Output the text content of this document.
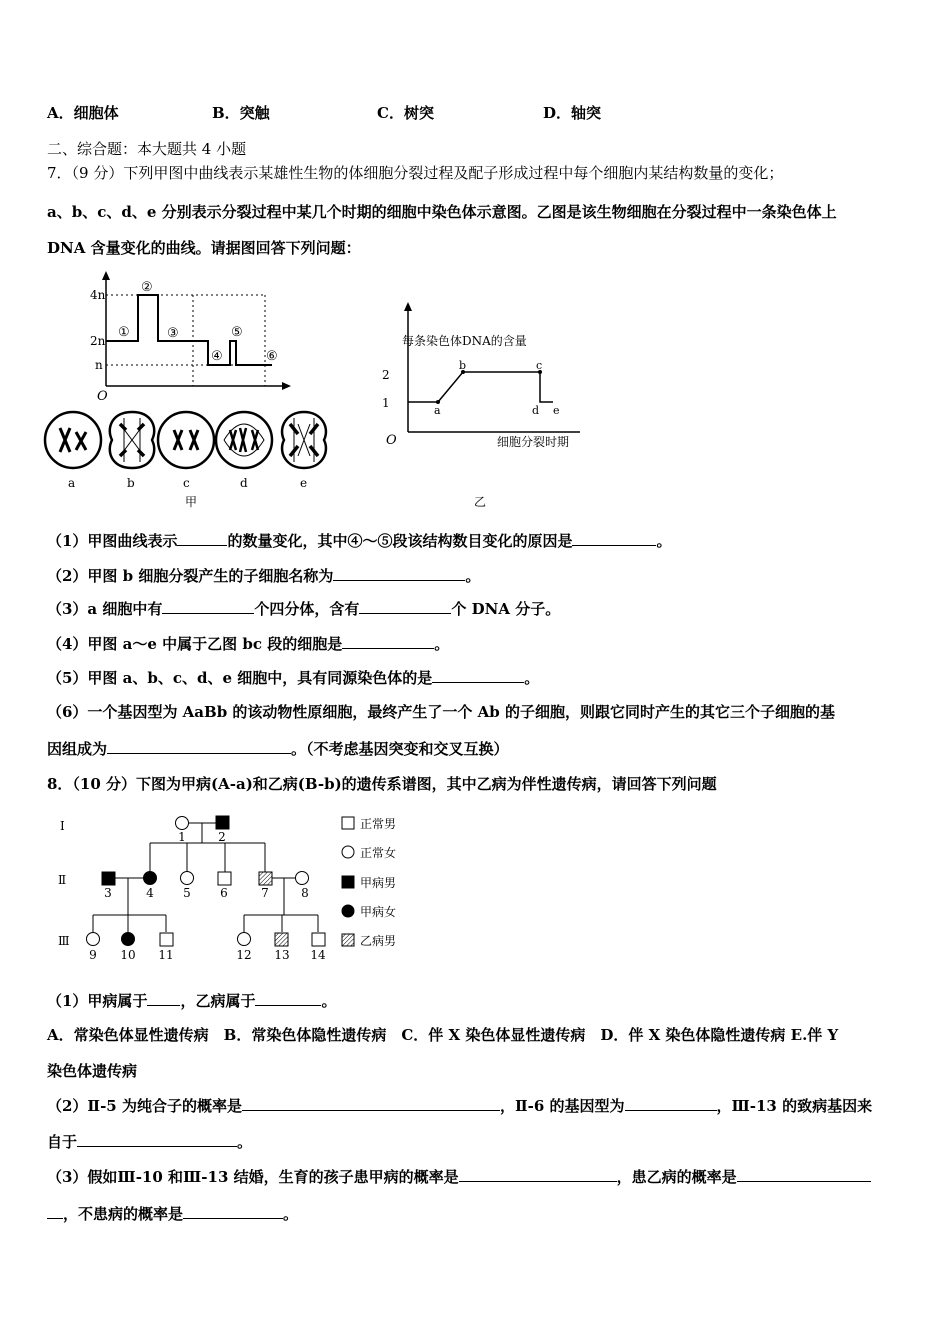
A．细胞体	B．突触	C．树突	D．轴突
二、综合题：本大题共 4 小题
7．（9 分）下列甲图中曲线表示某雄性生物的体细胞分裂过程及配子形成过程中每个细胞内某结构数量的变化；
a、b、c、d、e 分别表示分裂过程中某几个时期的细胞中染色体示意图。乙图是该生物细胞在分裂过程中一条染色体上
DNA 含量变化的曲线。请据图回答下列问题：
4n
2n
n
O
①
②
③
④
⑤
⑥
a	b	c	d	e
甲
每条染色体DNA的含量
2
1
O	细胞分裂时期
a
b	c
d e
乙
（1）甲图曲线表示	的数量变化，其中④～⑤段该结构数目变化的原因是	。
（2）甲图 b 细胞分裂产生的子细胞名称为	。
（3）a 细胞中有	个四分体，含有	个 DNA 分子。
（4）甲图 a～e 中属于乙图 bc 段的细胞是	。
（5）甲图 a、b、c、d、e 细胞中，具有同源染色体的是	。
（6）一个基因型为 AaBb 的该动物性原细胞，最终产生了一个 Ab 的子细胞，则跟它同时产生的其它三个子细胞的基
因组成为	。（不考虑基因突变和交叉互换）
8．（10 分）下图为甲病(A-a)和乙病(B-b)的遗传系谱图，其中乙病为伴性遗传病，请回答下列问题
Ⅰ
Ⅱ
Ⅲ
1	2
3	4 5 6	7	8
9 10 11	12 13 14
正常男
正常女
甲病男
甲病女
乙病男
（1）甲病属于 ，乙病属于	。
A．常染色体显性遗传病　B．常染色体隐性遗传病　C．伴 X 染色体显性遗传病　D．伴 X 染色体隐性遗传病 E.伴 Y
染色体遗传病
（2）Ⅱ-5 为纯合子的概率是	，Ⅱ-6 的基因型为	，Ⅲ-13 的致病基因来
自于	。
（3）假如Ⅲ-10 和Ⅲ-13 结婚，生育的孩子患甲病的概率是	，患乙病的概率是
，不患病的概率是	。
